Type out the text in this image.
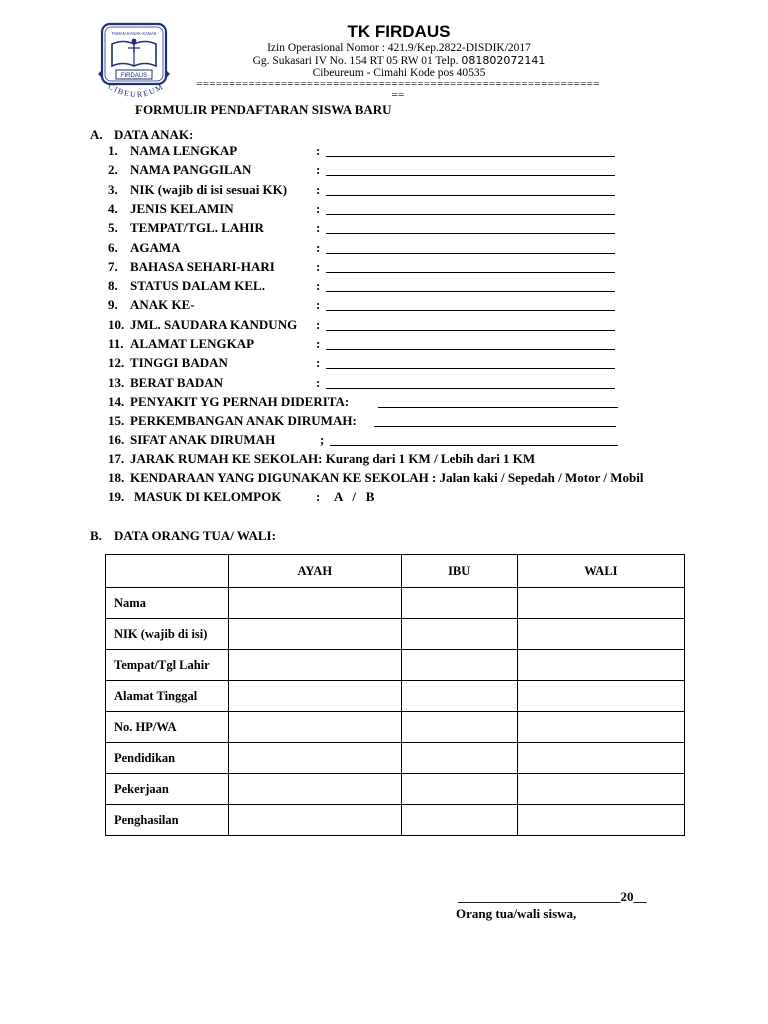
TAMAN KANAK-KANAK
FIRDAUS
CIBEUREUM
TK FIRDAUS
Izin Operasional Nomor : 421.9/Kep.2822-DISDIK/2017
Gg. Sukasari IV No. 154 RT 05 RW 01 Telp. 081802072141
Cibeureum - Cimahi Kode pos 40535
==============================================================
==
FORMULIR PENDAFTARAN SISWA BARU
A. DATA ANAK:
1. NAMA LENGKAP	:
2. NAMA PANGGILAN	:
3. NIK (wajib di isi sesuai KK) :
4. JENIS KELAMIN	:
5. TEMPAT/TGL. LAHIR	:
6. AGAMA	:
7. BAHASA SEHARI-HARI	:
8. STATUS DALAM KEL.	:
9. ANAK KE-	:
10. JML. SAUDARA KANDUNG :
11. ALAMAT LENGKAP	:
12. TINGGI BADAN	:
13. BERAT BADAN	:
14. PENYAKIT YG PERNAH DIDERITA:
15. PERKEMBANGAN ANAK DIRUMAH:
16. SIFAT ANAK DIRUMAH	;
17. JARAK RUMAH KE SEKOLAH: Kurang dari 1 KM / Lebih dari 1 KM
18. KENDARAAN YANG DIGUNAKAN KE SEKOLAH : Jalan kaki / Sepedah / Motor / Mobil
19. MASUK DI KELOMPOK	: A   /   B
B. DATA ORANG TUA/ WALI:
	AYAH	IBU	WALI
Nama			
NIK (wajib di isi)			
Tempat/Tgl Lahir			
Alamat Tinggal			
No. HP/WA			
Pendidikan			
Pekerjaan			
Penghasilan			
_________________________20__
Orang tua/wali siswa,
